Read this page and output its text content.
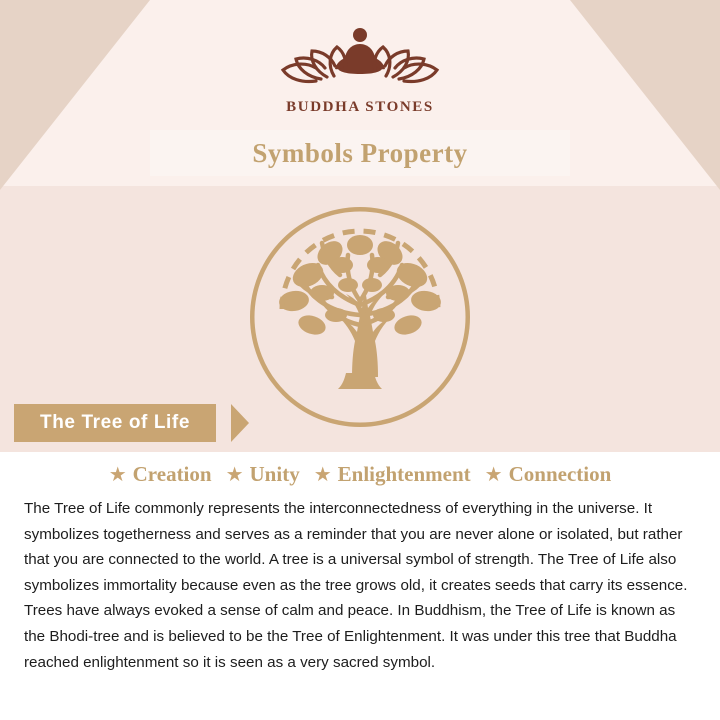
BUDDHA STONES
Symbols Property
The Tree of Life
★ Creation ★ Unity ★ Enlightenment ★ Connection
The Tree of Life commonly represents the interconnectedness of everything in the universe. It symbolizes togetherness and serves as a reminder that you are never alone or isolated, but rather that you are connected to the world. A tree is a universal symbol of strength. The Tree of Life also symbolizes immortality because even as the tree grows old, it creates seeds that carry its essence. Trees have always evoked a sense of calm and peace. In Buddhism, the Tree of Life is known as the Bhodi-tree and is believed to be the Tree of Enlightenment. It was under this tree that Buddha reached enlightenment so it is seen as a very sacred symbol.
